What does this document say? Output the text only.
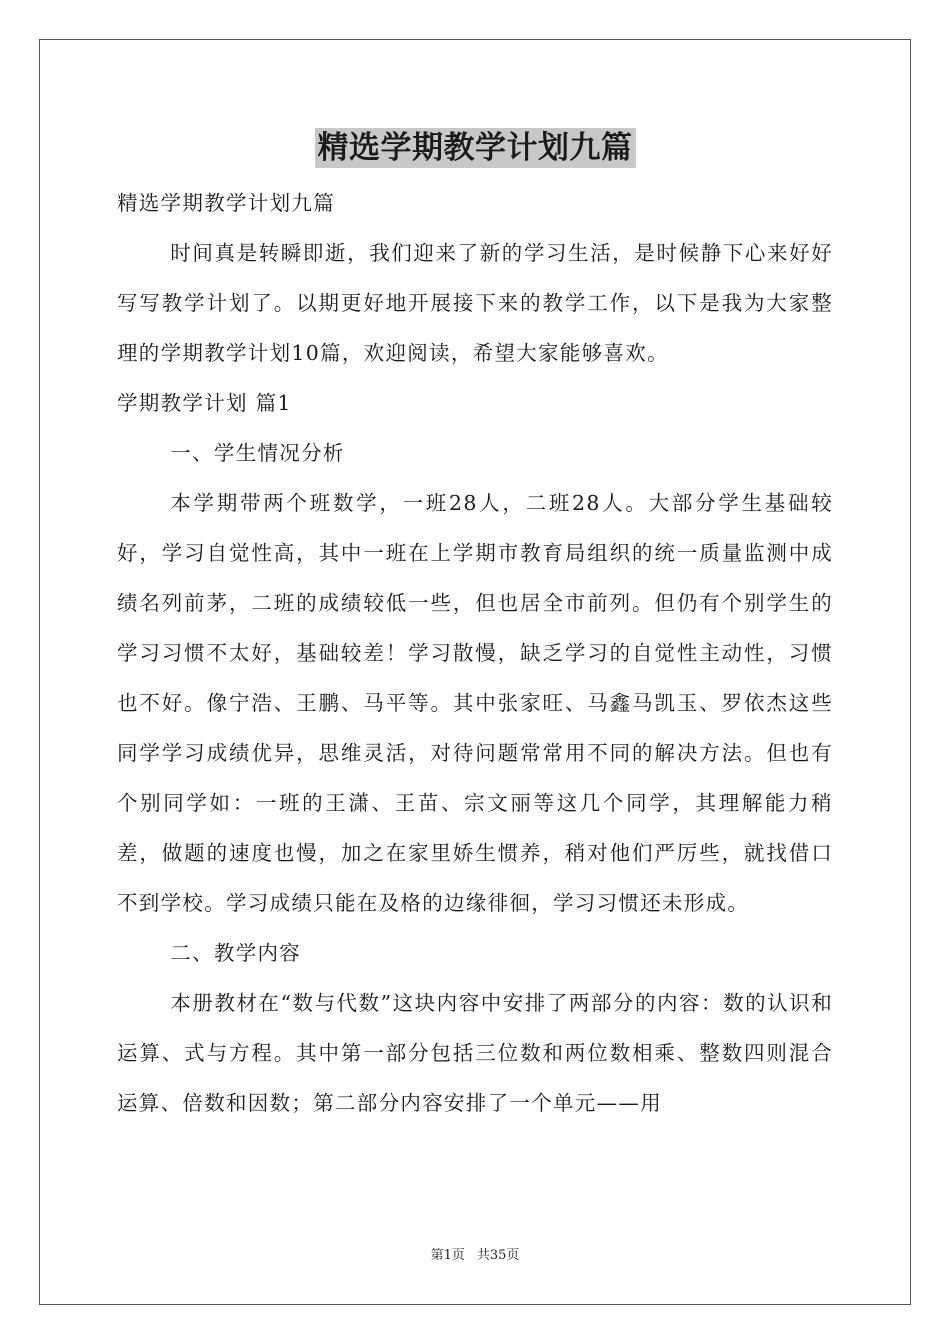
精选学期教学计划九篇

精选学期教学计划九篇

时间真是转瞬即逝，我们迎来了新的学习生活，是时候静下心来好好写写教学计划了。以期更好地开展接下来的教学工作，以下是我为大家整理的学期教学计划10篇，欢迎阅读，希望大家能够喜欢。

学期教学计划 篇1

一、学生情况分析

本学期带两个班数学，一班28人，二班28人。大部分学生基础较好，学习自觉性高，其中一班在上学期市教育局组织的统一质量监测中成绩名列前茅，二班的成绩较低一些，但也居全市前列。但仍有个别学生的学习习惯不太好，基础较差！学习散慢，缺乏学习的自觉性主动性，习惯也不好。像宁浩、王鹏、马平等。其中张家旺、马鑫马凯玉、罗依杰这些同学学习成绩优异，思维灵活，对待问题常常用不同的解决方法。但也有个别同学如：一班的王潇、王苗、宗文丽等这几个同学，其理解能力稍差，做题的速度也慢，加之在家里娇生惯养，稍对他们严厉些，就找借口不到学校。学习成绩只能在及格的边缘徘徊，学习习惯还未形成。

二、教学内容

本册教材在“数与代数”这块内容中安排了两部分的内容：数的认识和运算、式与方程。其中第一部分包括三位数和两位数相乘、整数四则混合运算、倍数和因数；第二部分内容安排了一个单元——用

第1页 共35页
